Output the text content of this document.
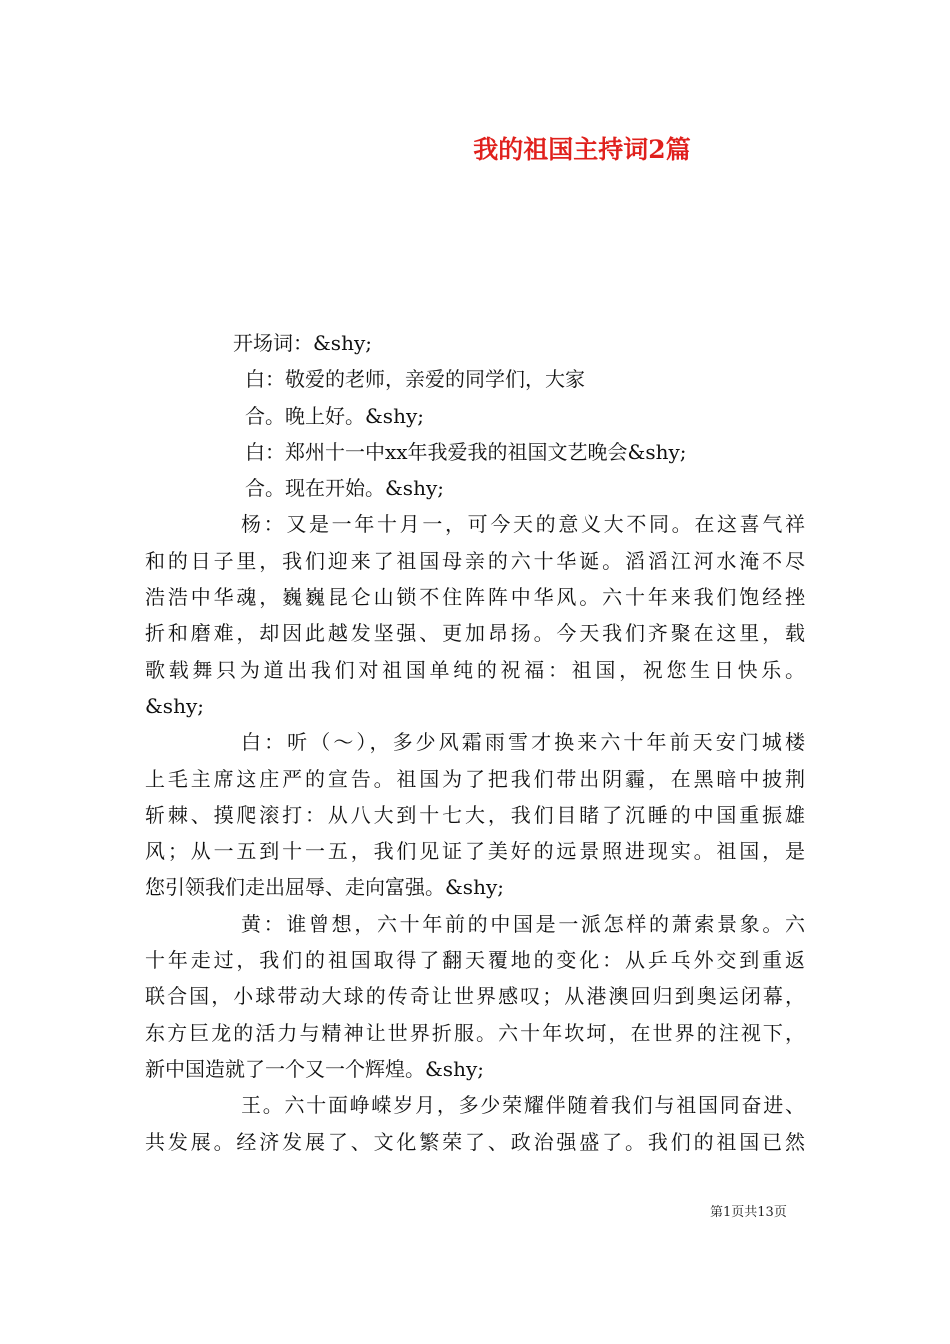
我的祖国主持词2篇
开场词：&shy;
白：敬爱的老师，亲爱的同学们，大家
合。晚上好。&shy;
白：郑州十一中xx年我爱我的祖国文艺晚会&shy;
合。现在开始。&shy;
杨：又是一年十月一，可今天的意义大不同。在这喜气祥
和的日子里，我们迎来了祖国母亲的六十华诞。滔滔江河水淹不尽
浩浩中华魂，巍巍昆仑山锁不住阵阵中华风。六十年来我们饱经挫
折和磨难，却因此越发坚强、更加昂扬。今天我们齐聚在这里，载
歌载舞只为道出我们对祖国单纯的祝福：祖国，祝您生日快乐。
&shy;
白：听（～），多少风霜雨雪才换来六十年前天安门城楼
上毛主席这庄严的宣告。祖国为了把我们带出阴霾，在黑暗中披荆
斩棘、摸爬滚打：从八大到十七大，我们目睹了沉睡的中国重振雄
风；从一五到十一五，我们见证了美好的远景照进现实。祖国，是
您引领我们走出屈辱、走向富强。&shy;
黄：谁曾想，六十年前的中国是一派怎样的萧索景象。六
十年走过，我们的祖国取得了翻天覆地的变化：从乒乓外交到重返
联合国，小球带动大球的传奇让世界感叹；从港澳回归到奥运闭幕，
东方巨龙的活力与精神让世界折服。六十年坎坷，在世界的注视下，
新中国造就了一个又一个辉煌。&shy;
王。六十面峥嵘岁月，多少荣耀伴随着我们与祖国同奋进、
共发展。经济发展了、文化繁荣了、政治强盛了。我们的祖国已然
第1页共13页
